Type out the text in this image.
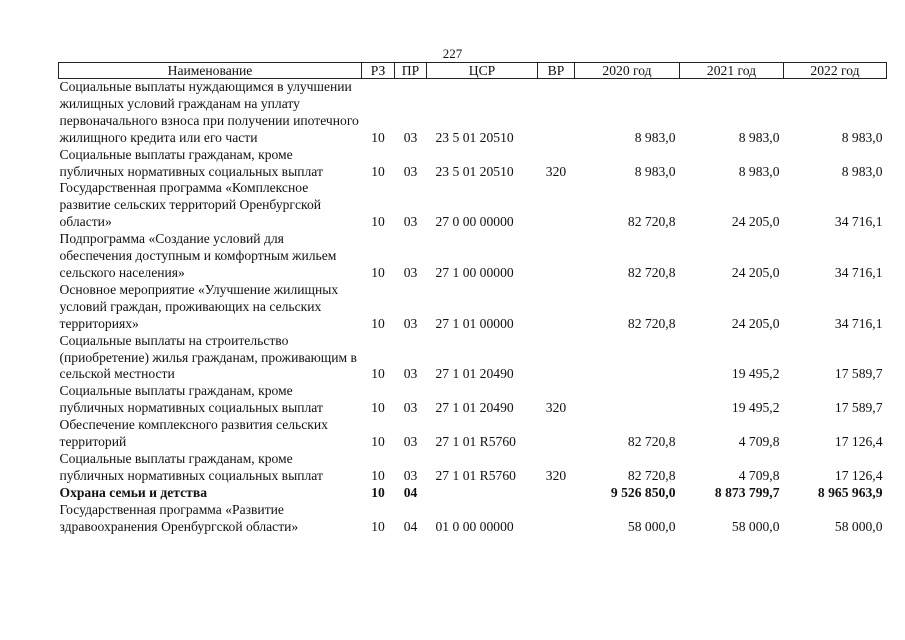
227
Наименование	РЗ	ПР	ЦСР	ВР	2020 год	2021 год	2022 год
Социальные выплаты нуждающимся в улучшении жилищных условий гражданам на уплату первоначального взноса при получении ипотечного жилищного кредита или его части	10	03	23 5 01 20510		8 983,0	8 983,0	8 983,0
Социальные выплаты гражданам, кроме публичных нормативных социальных выплат	10	03	23 5 01 20510	320	8 983,0	8 983,0	8 983,0
Государственная программа «Комплексное развитие сельских территорий Оренбургской области»	10	03	27 0 00 00000		82 720,8	24 205,0	34 716,1
Подпрограмма «Создание условий для обеспечения доступным и комфортным жильем сельского населения»	10	03	27 1 00 00000		82 720,8	24 205,0	34 716,1
Основное мероприятие «Улучшение жилищных условий граждан, проживающих на сельских территориях»	10	03	27 1 01 00000		82 720,8	24 205,0	34 716,1
Социальные выплаты на строительство (приобретение) жилья гражданам, проживающим в сельской местности	10	03	27 1 01 20490			19 495,2	17 589,7
Социальные выплаты гражданам, кроме публичных нормативных социальных выплат	10	03	27 1 01 20490	320		19 495,2	17 589,7
Обеспечение комплексного развития сельских территорий	10	03	27 1 01 R5760		82 720,8	4 709,8	17 126,4
Социальные выплаты гражданам, кроме публичных нормативных социальных выплат	10	03	27 1 01 R5760	320	82 720,8	4 709,8	17 126,4
Охрана семьи и детства	10	04			9 526 850,0	8 873 799,7	8 965 963,9
Государственная программа «Развитие здравоохранения Оренбургской области»	10	04	01 0 00 00000		58 000,0	58 000,0	58 000,0
